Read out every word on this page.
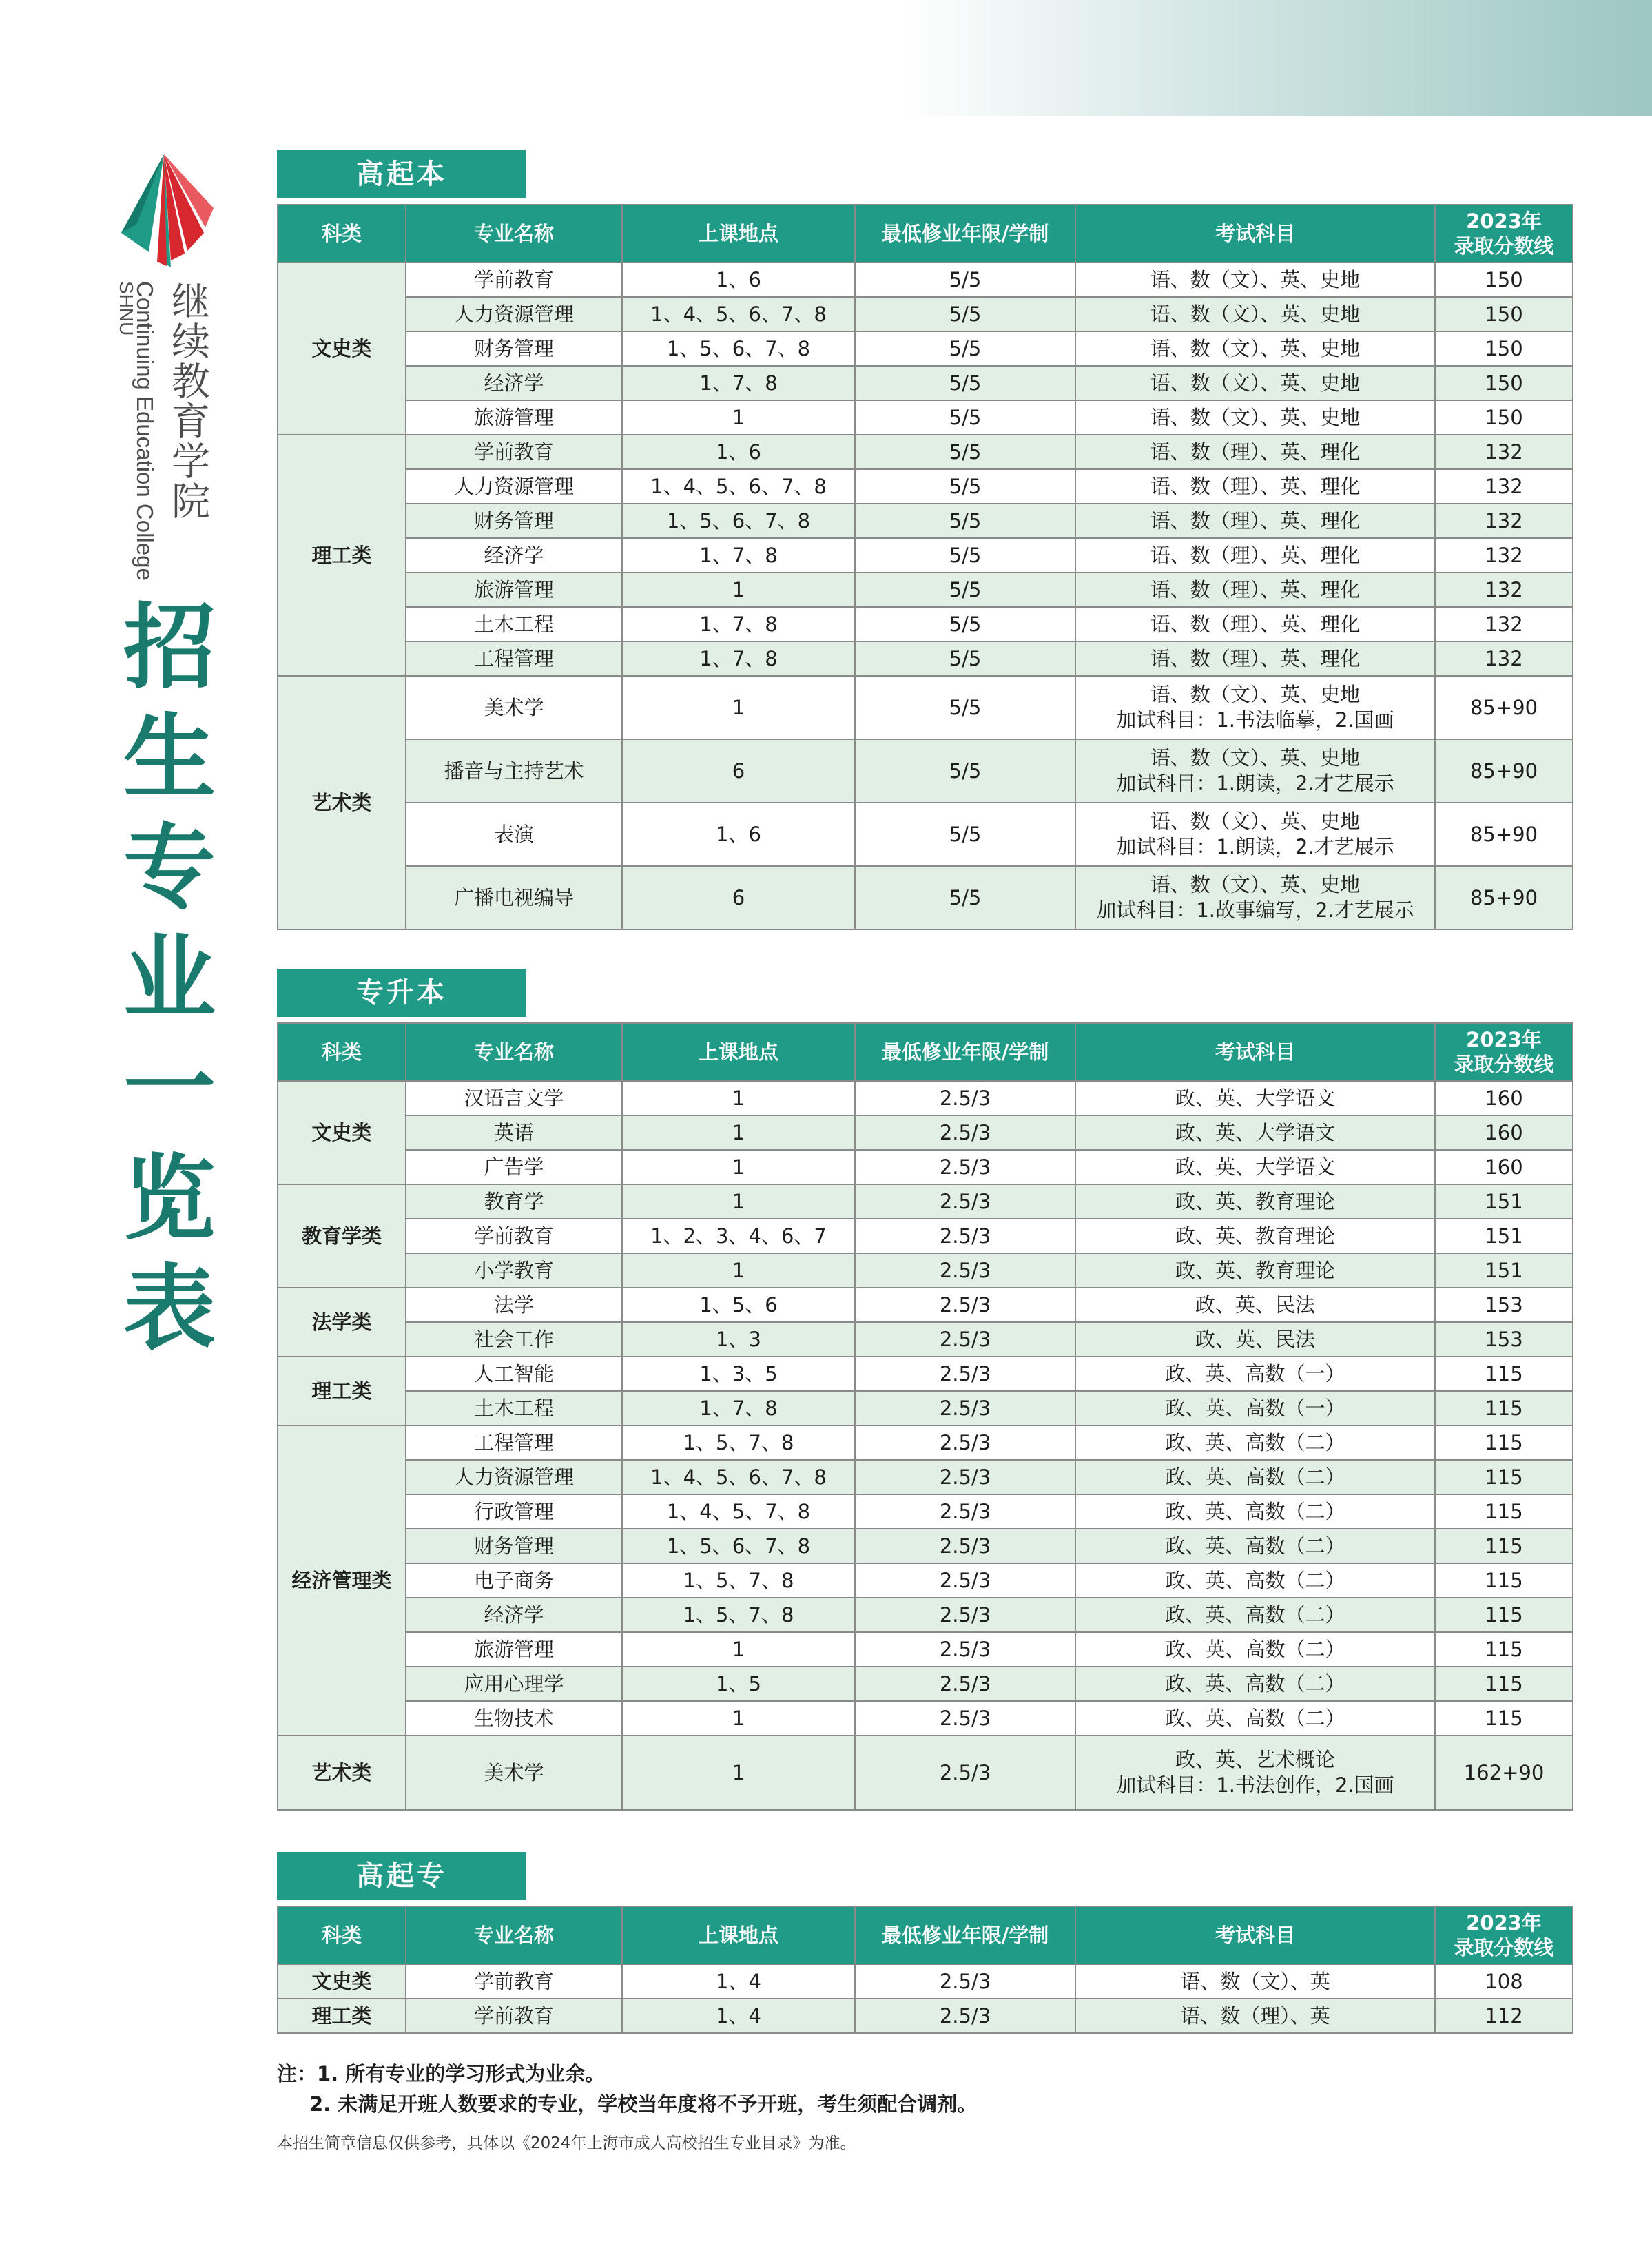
继续教育学院
Continuing Education College
SHNU
招生专业一览表
高起本
科类	专业名称	上课地点	最低修业年限/学制	考试科目	2023年
录取分数线

文史类	学前教育	1、6	5/5	语、数（文）、英、史地	150
	人力资源管理	1、4、5、6、7、8	5/5	语、数（文）、英、史地	150
	财务管理	1、5、6、7、8	5/5	语、数（文）、英、史地	150
	经济学	1、7、8	5/5	语、数（文）、英、史地	150
	旅游管理	1	5/5	语、数（文）、英、史地	150
理工类	学前教育	1、6	5/5	语、数（理）、英、理化	132
	人力资源管理	1、4、5、6、7、8	5/5	语、数（理）、英、理化	132
	财务管理	1、5、6、7、8	5/5	语、数（理）、英、理化	132
	经济学	1、7、8	5/5	语、数（理）、英、理化	132
	旅游管理	1	5/5	语、数（理）、英、理化	132
	土木工程	1、7、8	5/5	语、数（理）、英、理化	132
	工程管理	1、7、8	5/5	语、数（理）、英、理化	132
艺术类	美术学	1	5/5	语、数（文）、英、史地
加试科目：1.书法临摹，2.国画	85+90
	播音与主持艺术	6	5/5	语、数（文）、英、史地
加试科目：1.朗读，2.才艺展示	85+90
	表演	1、6	5/5	语、数（文）、英、史地
加试科目：1.朗读，2.才艺展示	85+90
	广播电视编导	6	5/5	语、数（文）、英、史地
加试科目：1.故事编写，2.才艺展示	85+90
专升本
科类	专业名称	上课地点	最低修业年限/学制	考试科目	2023年
录取分数线

文史类	汉语言文学	1	2.5/3	政、英、大学语文	160
	英语	1	2.5/3	政、英、大学语文	160
	广告学	1	2.5/3	政、英、大学语文	160
教育学类	教育学	1	2.5/3	政、英、教育理论	151
	学前教育	1、2、3、4、6、7	2.5/3	政、英、教育理论	151
	小学教育	1	2.5/3	政、英、教育理论	151
法学类	法学	1、5、6	2.5/3	政、英、民法	153
	社会工作	1、3	2.5/3	政、英、民法	153
理工类	人工智能	1、3、5	2.5/3	政、英、高数（一）	115
	土木工程	1、7、8	2.5/3	政、英、高数（一）	115
经济管理类	工程管理	1、5、7、8	2.5/3	政、英、高数（二）	115
	人力资源管理	1、4、5、6、7、8	2.5/3	政、英、高数（二）	115
	行政管理	1、4、5、7、8	2.5/3	政、英、高数（二）	115
	财务管理	1、5、6、7、8	2.5/3	政、英、高数（二）	115
	电子商务	1、5、7、8	2.5/3	政、英、高数（二）	115
	经济学	1、5、7、8	2.5/3	政、英、高数（二）	115
	旅游管理	1	2.5/3	政、英、高数（二）	115
	应用心理学	1、5	2.5/3	政、英、高数（二）	115
	生物技术	1	2.5/3	政、英、高数（二）	115
艺术类	美术学	1	2.5/3	政、英、艺术概论
加试科目：1.书法创作，2.国画	162+90
高起专
科类	专业名称	上课地点	最低修业年限/学制	考试科目	2023年
录取分数线

文史类	学前教育	1、4	2.5/3	语、数（文）、英	108
理工类	学前教育	1、4	2.5/3	语、数（理）、英	112
注：1. 所有专业的学习形式为业余。
2. 未满足开班人数要求的专业，学校当年度将不予开班，考生须配合调剂。
本招生简章信息仅供参考，具体以《2024年上海市成人高校招生专业目录》为准。
